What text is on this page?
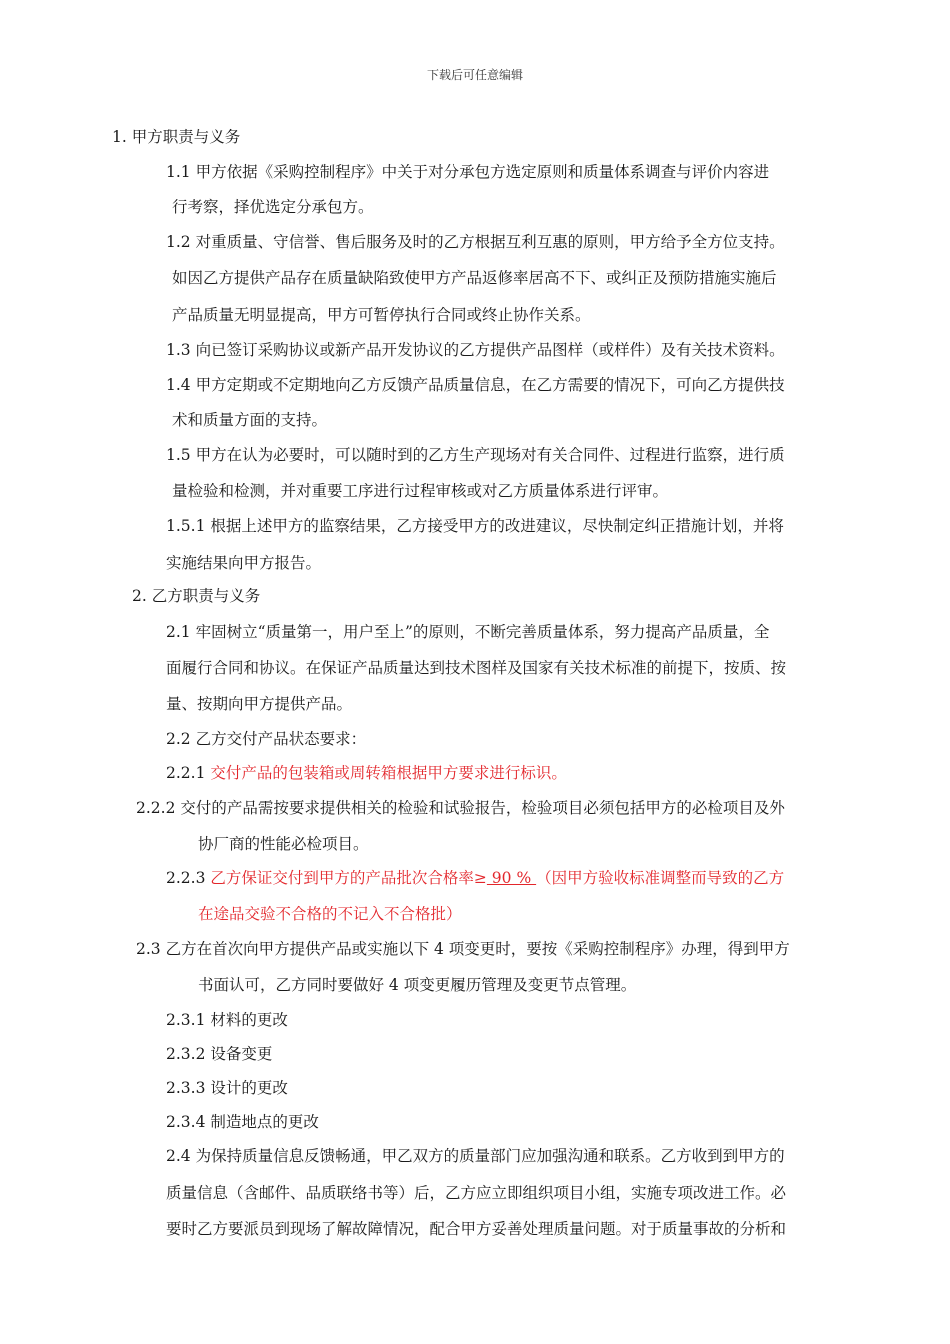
下载后可任意编辑
1. 甲方职责与义务
1.1 甲方依据《采购控制程序》中关于对分承包方选定原则和质量体系调查与评价内容进
行考察，择优选定分承包方。
1.2 对重质量、守信誉、售后服务及时的乙方根据互利互惠的原则，甲方给予全方位支持。
如因乙方提供产品存在质量缺陷致使甲方产品返修率居高不下、或纠正及预防措施实施后
产品质量无明显提高，甲方可暂停执行合同或终止协作关系。
1.3 向已签订采购协议或新产品开发协议的乙方提供产品图样（或样件）及有关技术资料。
1.4 甲方定期或不定期地向乙方反馈产品质量信息，在乙方需要的情况下，可向乙方提供技
术和质量方面的支持。
1.5 甲方在认为必要时，可以随时到的乙方生产现场对有关合同件、过程进行监察，进行质
量检验和检测，并对重要工序进行过程审核或对乙方质量体系进行评审。
1.5.1 根据上述甲方的监察结果，乙方接受甲方的改进建议，尽快制定纠正措施计划，并将
实施结果向甲方报告。
2. 乙方职责与义务
2.1 牢固树立“质量第一，用户至上”的原则，不断完善质量体系，努力提高产品质量，全
面履行合同和协议。在保证产品质量达到技术图样及国家有关技术标准的前提下，按质、按
量、按期向甲方提供产品。
2.2 乙方交付产品状态要求：
2.2.1 交付产品的包装箱或周转箱根据甲方要求进行标识。
2.2.2 交付的产品需按要求提供相关的检验和试验报告，检验项目必须包括甲方的必检项目及外
协厂商的性能必检项目。
2.2.3 乙方保证交付到甲方的产品批次合格率≥ 90 % （因甲方验收标准调整而导致的乙方
在途品交验不合格的不记入不合格批）
2.3 乙方在首次向甲方提供产品或实施以下 4 项变更时，要按《采购控制程序》办理，得到甲方
书面认可，乙方同时要做好 4 项变更履历管理及变更节点管理。
2.3.1 材料的更改
2.3.2 设备变更
2.3.3 设计的更改
2.3.4 制造地点的更改
2.4 为保持质量信息反馈畅通，甲乙双方的质量部门应加强沟通和联系。乙方收到到甲方的
质量信息（含邮件、品质联络书等）后，乙方应立即组织项目小组，实施专项改进工作。必
要时乙方要派员到现场了解故障情况，配合甲方妥善处理质量问题。对于质量事故的分析和
